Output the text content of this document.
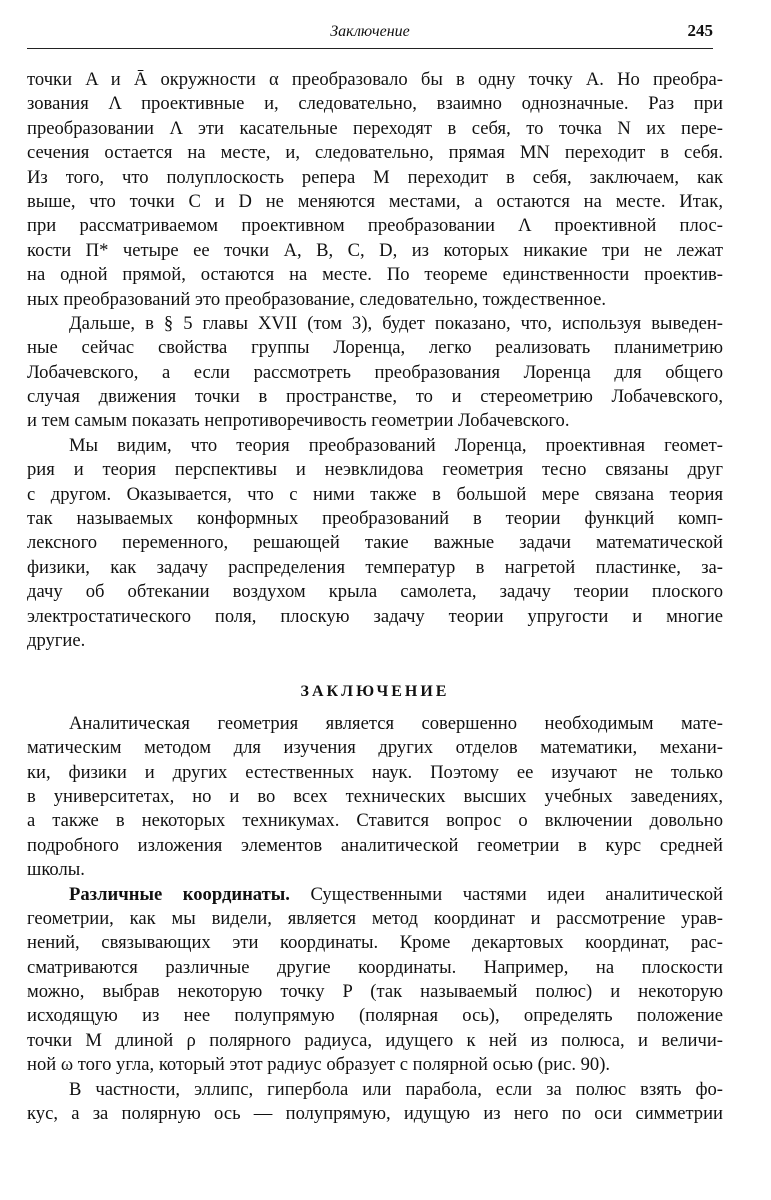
Заключение	245
точки A и Ā окружности α преобразовало бы в одну точку A. Но преобра-
зования Λ проективные и, следовательно, взаимно однозначные. Раз при
преобразовании Λ эти касательные переходят в себя, то точка N их пере-
сечения остается на месте, и, следовательно, прямая MN переходит в себя.
Из того, что полуплоскость репера M переходит в себя, заключаем, как
выше, что точки C и D не меняются местами, а остаются на месте. Итак,
при рассматриваемом проективном преобразовании Λ проективной плос-
кости Π* четыре ее точки A, B, C, D, из которых никакие три не лежат
на одной прямой, остаются на месте. По теореме единственности проектив-
ных преобразований это преобразование, следовательно, тождественное.
Дальше, в § 5 главы XVII (том 3), будет показано, что, используя выведен-
ные сейчас свойства группы Лоренца, легко реализовать планиметрию
Лобачевского, а если рассмотреть преобразования Лоренца для общего
случая движения точки в пространстве, то и стереометрию Лобачевского,
и тем самым показать непротиворечивость геометрии Лобачевского.
Мы видим, что теория преобразований Лоренца, проективная геомет-
рия и теория перспективы и неэвклидова геометрия тесно связаны друг
с другом. Оказывается, что с ними также в большой мере связана теория
так называемых конформных преобразований в теории функций комп-
лексного переменного, решающей такие важные задачи математической
физики, как задачу распределения температур в нагретой пластинке, за-
дачу об обтекании воздухом крыла самолета, задачу теории плоского
электростатического поля, плоскую задачу теории упругости и многие
другие.
ЗАКЛЮЧЕНИЕ
Аналитическая геометрия является совершенно необходимым мате-
матическим методом для изучения других отделов математики, механи-
ки, физики и других естественных наук. Поэтому ее изучают не только
в университетах, но и во всех технических высших учебных заведениях,
а также в некоторых техникумах. Ставится вопрос о включении довольно
подробного изложения элементов аналитической геометрии в курс средней
школы.
Различные координаты. Существенными частями идеи аналитической
геометрии, как мы видели, является метод координат и рассмотрение урав-
нений, связывающих эти координаты. Кроме декартовых координат, рас-
сматриваются различные другие координаты. Например, на плоскости
можно, выбрав некоторую точку P (так называемый полюс) и некоторую
исходящую из нее полупрямую (полярная ось), определять положение
точки M длиной ρ полярного радиуса, идущего к ней из полюса, и величи-
ной ω того угла, который этот радиус образует с полярной осью (рис. 90).
В частности, эллипс, гипербола или парабола, если за полюс взять фо-
кус, а за полярную ось — полупрямую, идущую из него по оси симметрии
